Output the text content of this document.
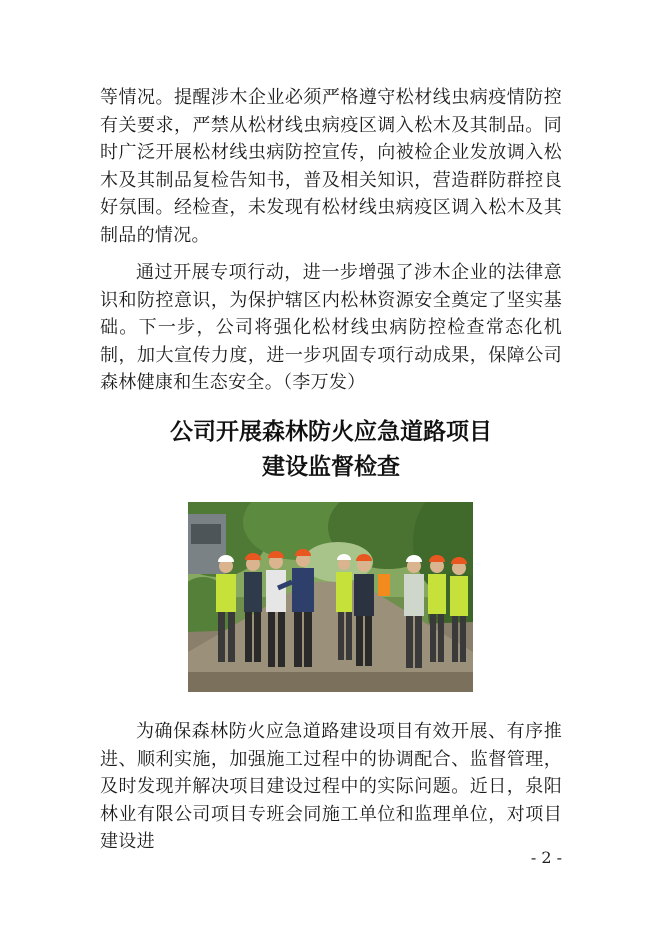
等情况。提醒涉木企业必须严格遵守松材线虫病疫情防控有关要求，严禁从松材线虫病疫区调入松木及其制品。同时广泛开展松材线虫病防控宣传，向被检企业发放调入松木及其制品复检告知书，普及相关知识，营造群防群控良好氛围。经检查，未发现有松材线虫病疫区调入松木及其制品的情况。
通过开展专项行动，进一步增强了涉木企业的法律意识和防控意识，为保护辖区内松林资源安全奠定了坚实基础。下一步，公司将强化松材线虫病防控检查常态化机制，加大宣传力度，进一步巩固专项行动成果，保障公司森林健康和生态安全。（李万发）
公司开展森林防火应急道路项目
建设监督检查
为确保森林防火应急道路建设项目有效开展、有序推进、顺利实施，加强施工过程中的协调配合、监督管理，及时发现并解决项目建设过程中的实际问题。近日，泉阳林业有限公司项目专班会同施工单位和监理单位，对项目建设进
- 2 -
